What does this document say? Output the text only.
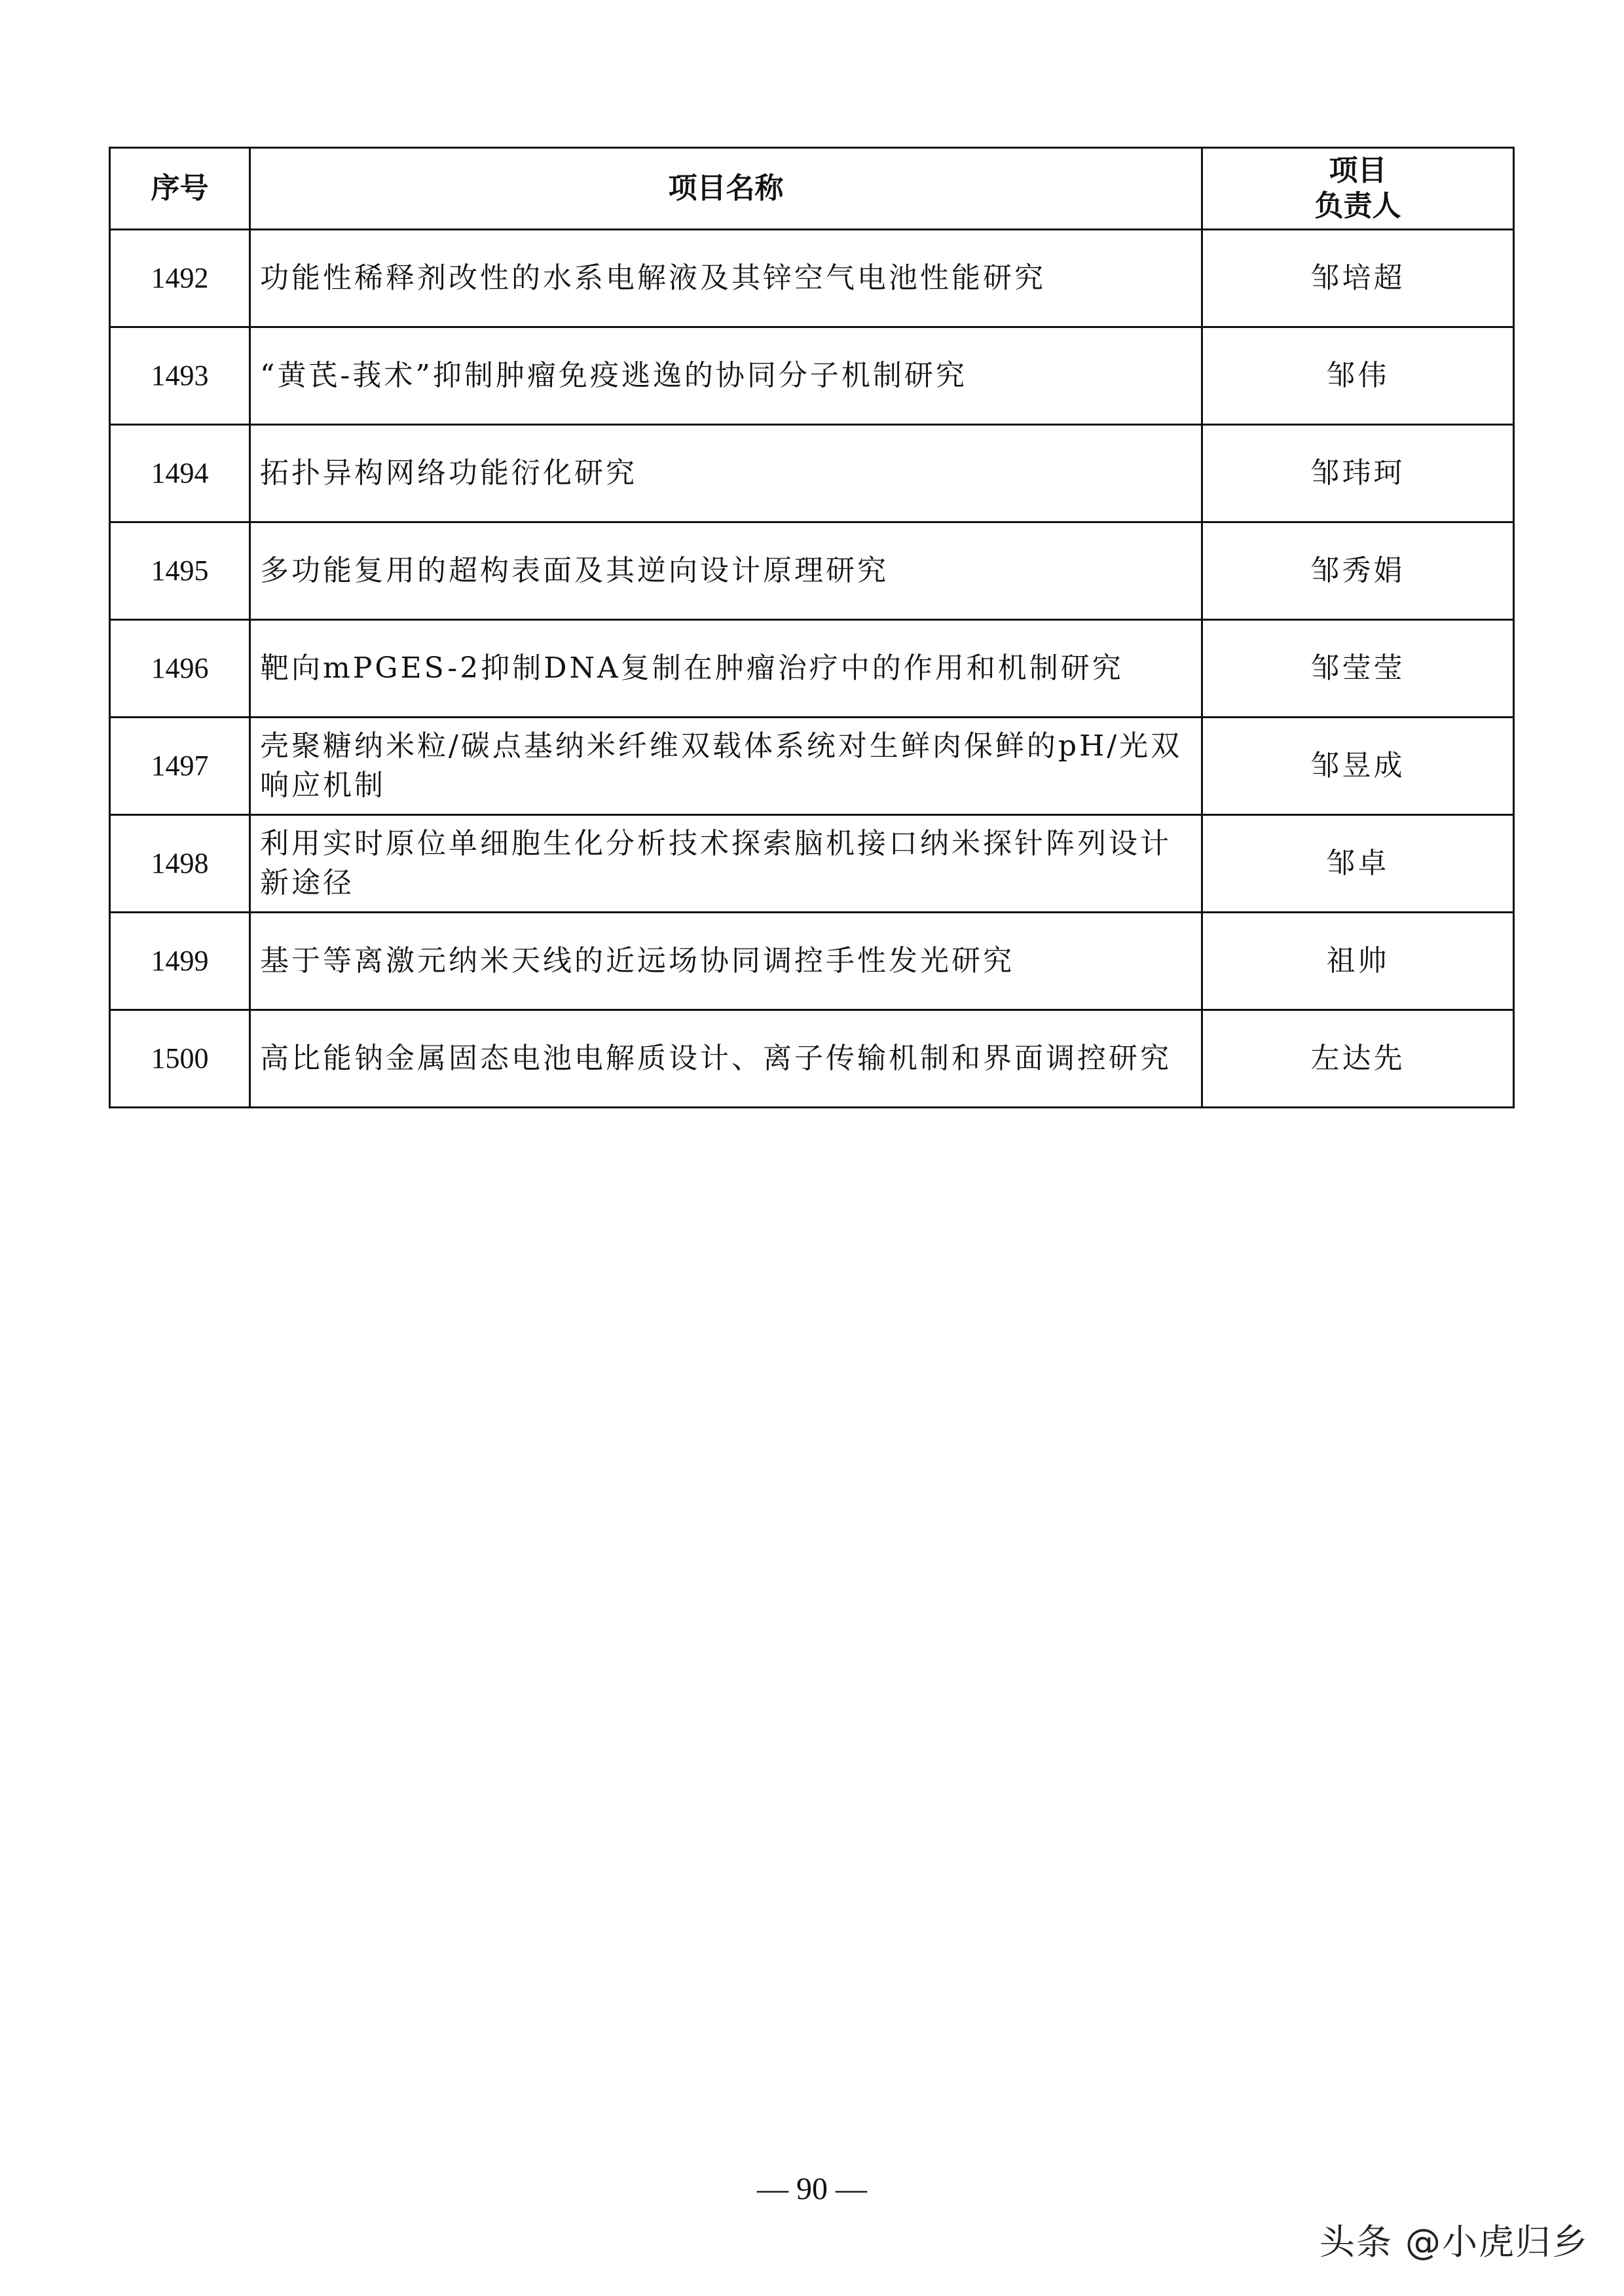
序号	项目名称	项目
负责人

1492	功能性稀释剂改性的水系电解液及其锌空气电池性能研究	邹培超
1493	“黄芪-莪术”抑制肿瘤免疫逃逸的协同分子机制研究	邹伟
1494	拓扑异构网络功能衍化研究	邹玮珂
1495	多功能复用的超构表面及其逆向设计原理研究	邹秀娟
1496	靶向mPGES-2抑制DNA复制在肿瘤治疗中的作用和机制研究	邹莹莹
1497	壳聚糖纳米粒/碳点基纳米纤维双载体系统对生鲜肉保鲜的pH/光双响应机制	邹昱成
1498	利用实时原位单细胞生化分析技术探索脑机接口纳米探针阵列设计新途径	邹卓
1499	基于等离激元纳米天线的近远场协同调控手性发光研究	祖帅
1500	高比能钠金属固态电池电解质设计、离子传输机制和界面调控研究	左达先
— 90 —
头条 @小虎归乡
